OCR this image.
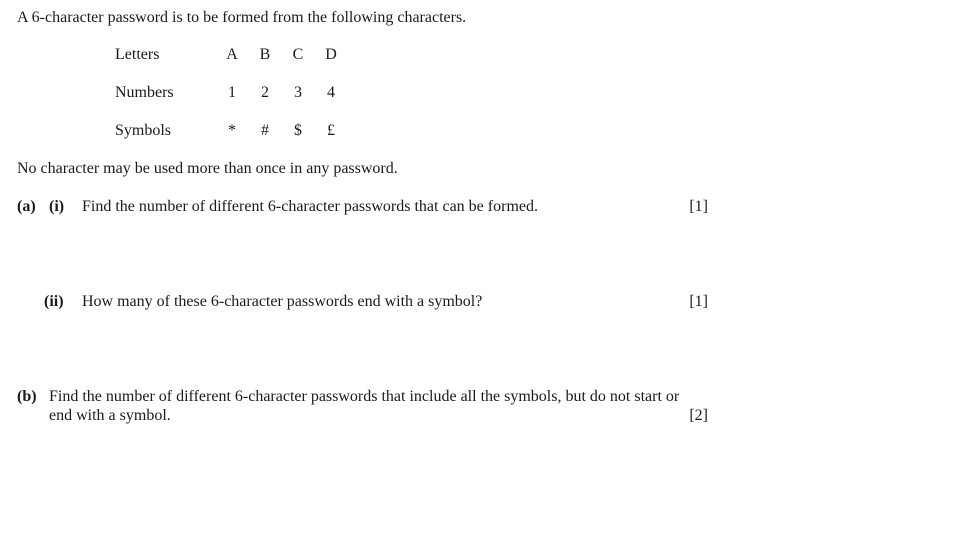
A 6-character password is to be formed from the following characters.
Letters	A B C D
Numbers	1	2	3	4
Symbols	*	#	$	£
No character may be used more than once in any password.
(a) (i) Find the number of different 6-character passwords that can be formed.	[1]
(ii) How many of these 6-character passwords end with a symbol?	[1]
(b) Find the number of different 6-character passwords that include all the symbols, but do not start or
end with a symbol.	[2]
